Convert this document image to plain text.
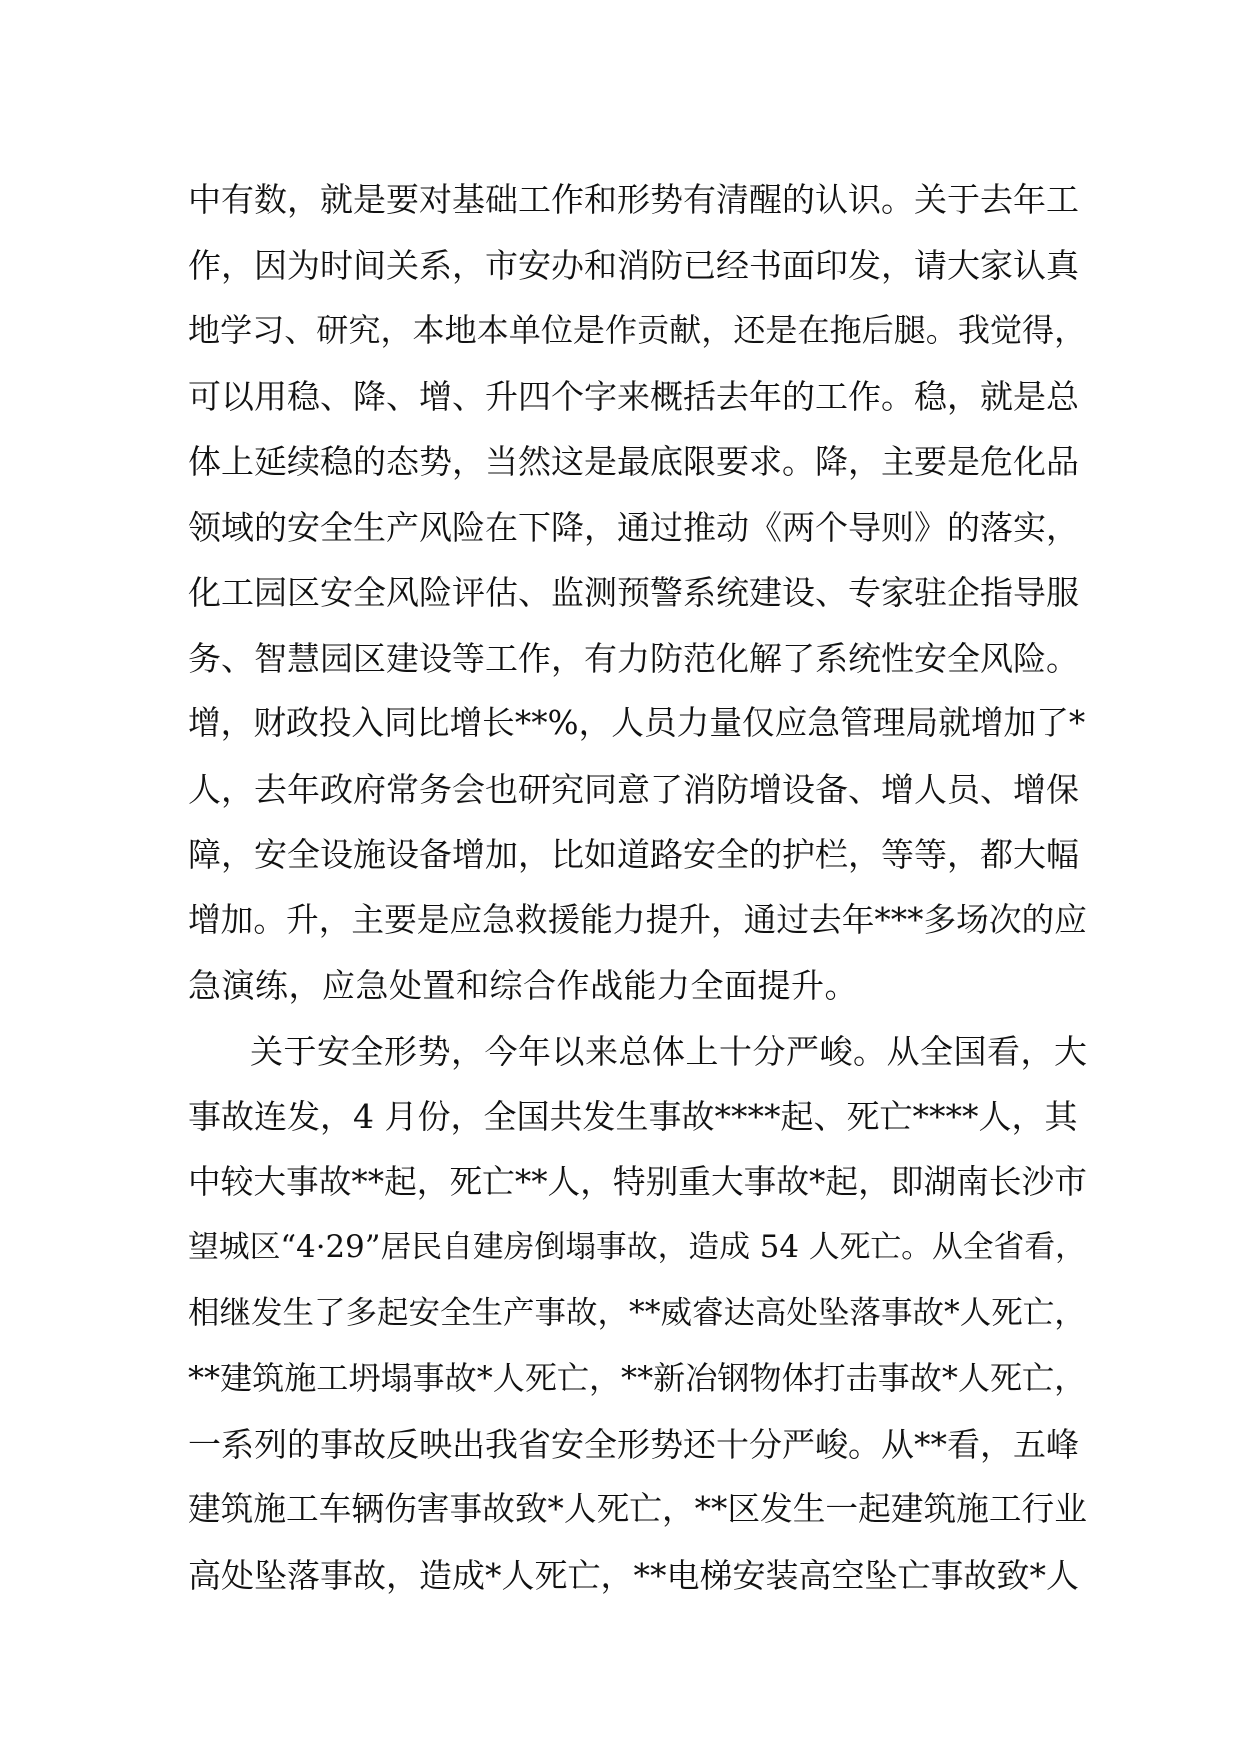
中有数，就是要对基础工作和形势有清醒的认识。关于去年工
作，因为时间关系，市安办和消防已经书面印发，请大家认真
地学习、研究，本地本单位是作贡献，还是在拖后腿。我觉得，
可以用稳、降、增、升四个字来概括去年的工作。稳，就是总
体上延续稳的态势，当然这是最底限要求。降，主要是危化品
领域的安全生产风险在下降，通过推动《两个导则》的落实，
化工园区安全风险评估、监测预警系统建设、专家驻企指导服
务、智慧园区建设等工作，有力防范化解了系统性安全风险。
增，财政投入同比增长**%，人员力量仅应急管理局就增加了*
人，去年政府常务会也研究同意了消防增设备、增人员、增保
障，安全设施设备增加，比如道路安全的护栏，等等，都大幅
增加。升，主要是应急救援能力提升，通过去年***多场次的应
急演练，应急处置和综合作战能力全面提升。
关于安全形势，今年以来总体上十分严峻。从全国看，大
事故连发，4 月份，全国共发生事故****起、死亡****人，其
中较大事故**起，死亡**人，特别重大事故*起，即湖南长沙市
望城区“4·29”居民自建房倒塌事故，造成 54 人死亡。从全省看，
相继发生了多起安全生产事故，**威睿达高处坠落事故*人死亡，
**建筑施工坍塌事故*人死亡，**新冶钢物体打击事故*人死亡，
一系列的事故反映出我省安全形势还十分严峻。从**看，五峰
建筑施工车辆伤害事故致*人死亡，**区发生一起建筑施工行业
高处坠落事故，造成*人死亡，**电梯安装高空坠亡事故致*人
